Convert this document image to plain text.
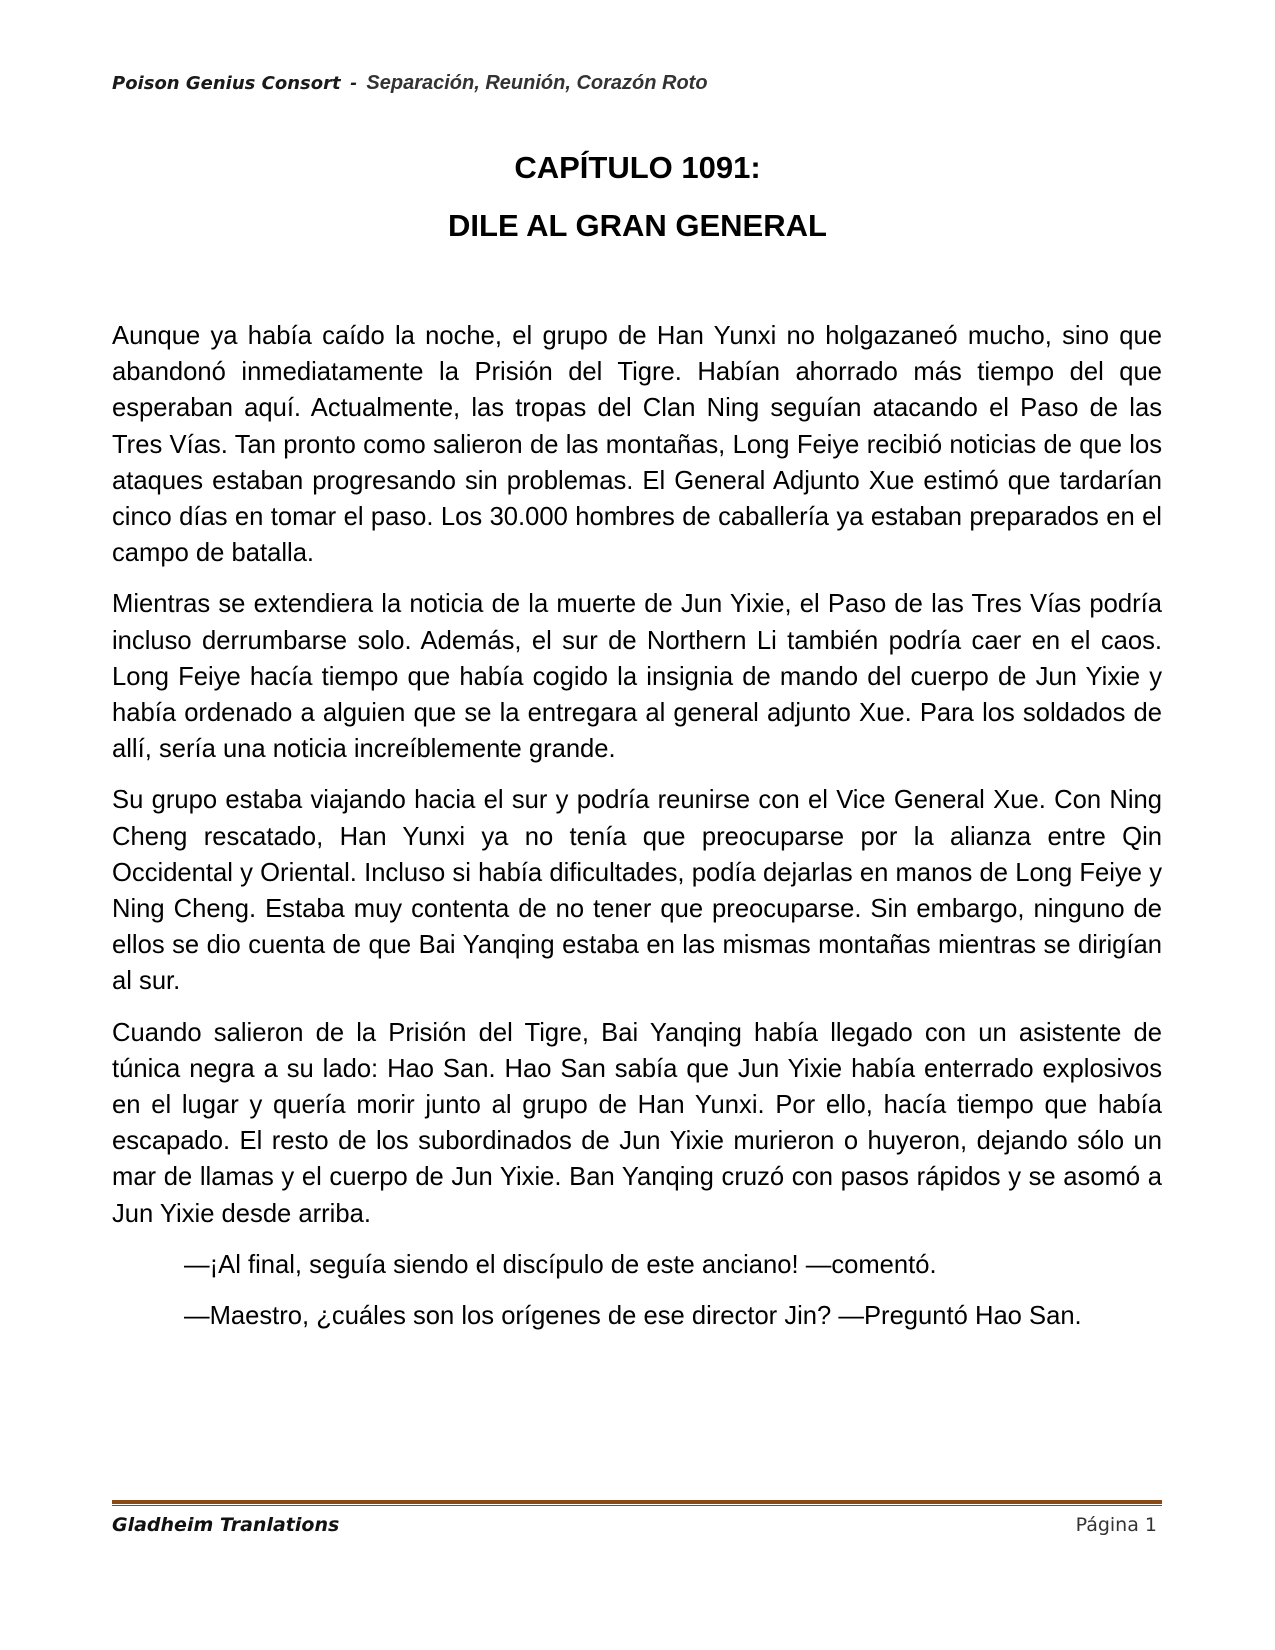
Poison Genius Consort - Separación, Reunión, Corazón Roto
CAPÍTULO 1091:
DILE AL GRAN GENERAL

Aunque ya había caído la noche, el grupo de Han Yunxi no holgazaneó mucho, sino que abandonó inmediatamente la Prisión del Tigre. Habían ahorrado más tiempo del que esperaban aquí. Actualmente, las tropas del Clan Ning seguían atacando el Paso de las Tres Vías. Tan pronto como salieron de las montañas, Long Feiye recibió noticias de que los ataques estaban progresando sin problemas. El General Adjunto Xue estimó que tardarían cinco días en tomar el paso. Los 30.000 hombres de caballería ya estaban preparados en el campo de batalla.

Mientras se extendiera la noticia de la muerte de Jun Yixie, el Paso de las Tres Vías podría incluso derrumbarse solo. Además, el sur de Northern Li también podría caer en el caos. Long Feiye hacía tiempo que había cogido la insignia de mando del cuerpo de Jun Yixie y había ordenado a alguien que se la entregara al general adjunto Xue. Para los soldados de allí, sería una noticia increíblemente grande.

Su grupo estaba viajando hacia el sur y podría reunirse con el Vice General Xue. Con Ning Cheng rescatado, Han Yunxi ya no tenía que preocuparse por la alianza entre Qin Occidental y Oriental. Incluso si había dificultades, podía dejarlas en manos de Long Feiye y Ning Cheng. Estaba muy contenta de no tener que preocuparse. Sin embargo, ninguno de ellos se dio cuenta de que Bai Yanqing estaba en las mismas montañas mientras se dirigían al sur.

Cuando salieron de la Prisión del Tigre, Bai Yanqing había llegado con un asistente de túnica negra a su lado: Hao San. Hao San sabía que Jun Yixie había enterrado explosivos en el lugar y quería morir junto al grupo de Han Yunxi. Por ello, hacía tiempo que había escapado. El resto de los subordinados de Jun Yixie murieron o huyeron, dejando sólo un mar de llamas y el cuerpo de Jun Yixie. Ban Yanqing cruzó con pasos rápidos y se asomó a Jun Yixie desde arriba.

—¡Al final, seguía siendo el discípulo de este anciano! —comentó.

—Maestro, ¿cuáles son los orígenes de ese director Jin? —Preguntó Hao San.

Gladheim Tranlations	Página 1
